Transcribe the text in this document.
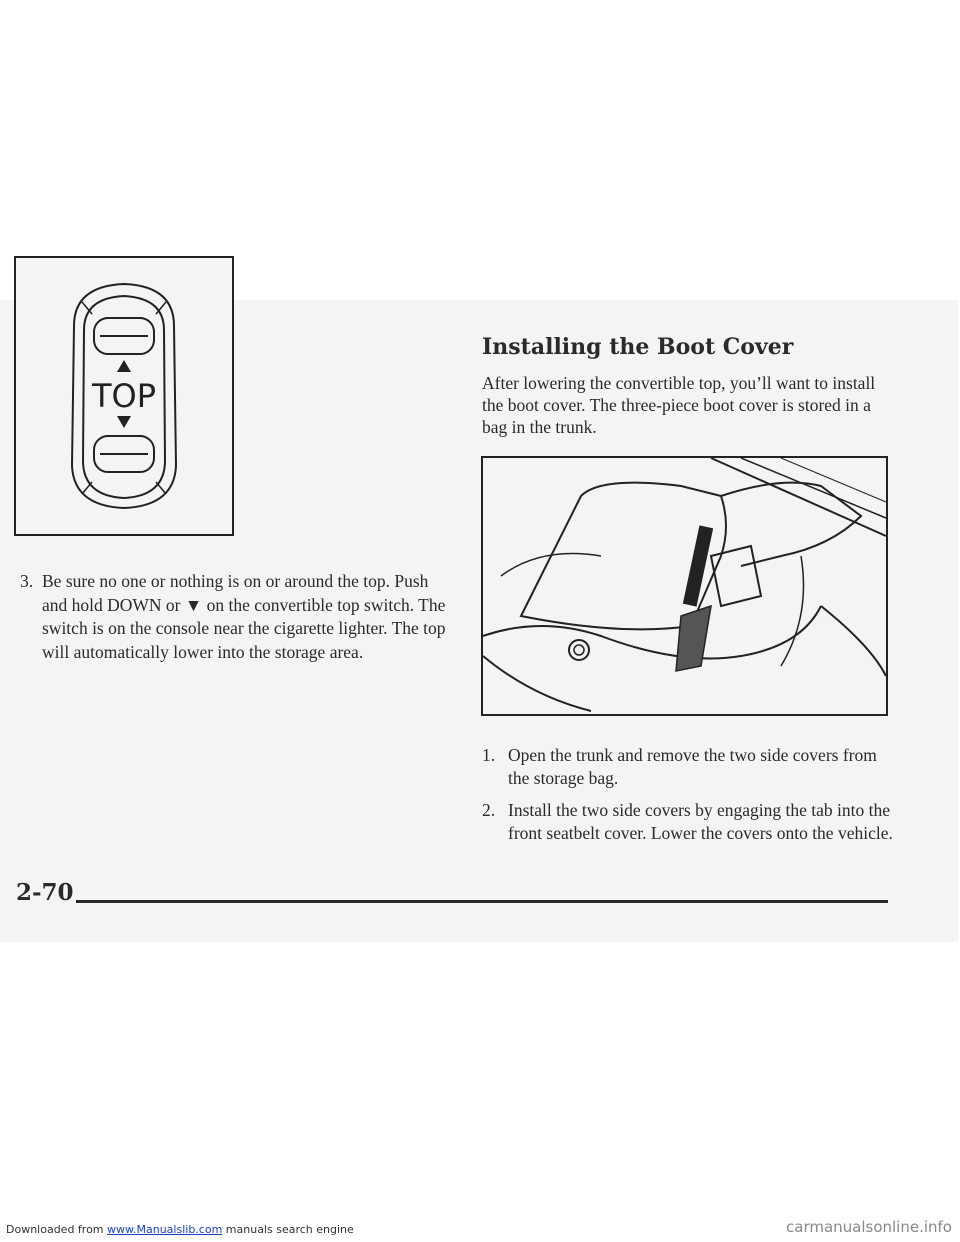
TOP
3. Be sure no one or nothing is on or around the top. Push and hold DOWN or ▼ on the convertible top switch. The switch is on the console near the cigarette lighter. The top will automatically lower into the storage area.
Installing the Boot Cover

After lowering the convertible top, you’ll want to install the boot cover. The three-piece boot cover is stored in a bag in the trunk.

1. Open the trunk and remove the two side covers from the storage bag.
2. Install the two side covers by engaging the tab into the front seatbelt cover. Lower the covers onto the vehicle.
2-70
Downloaded from www.Manualslib.com manuals search engine	carmanualsonline.info
